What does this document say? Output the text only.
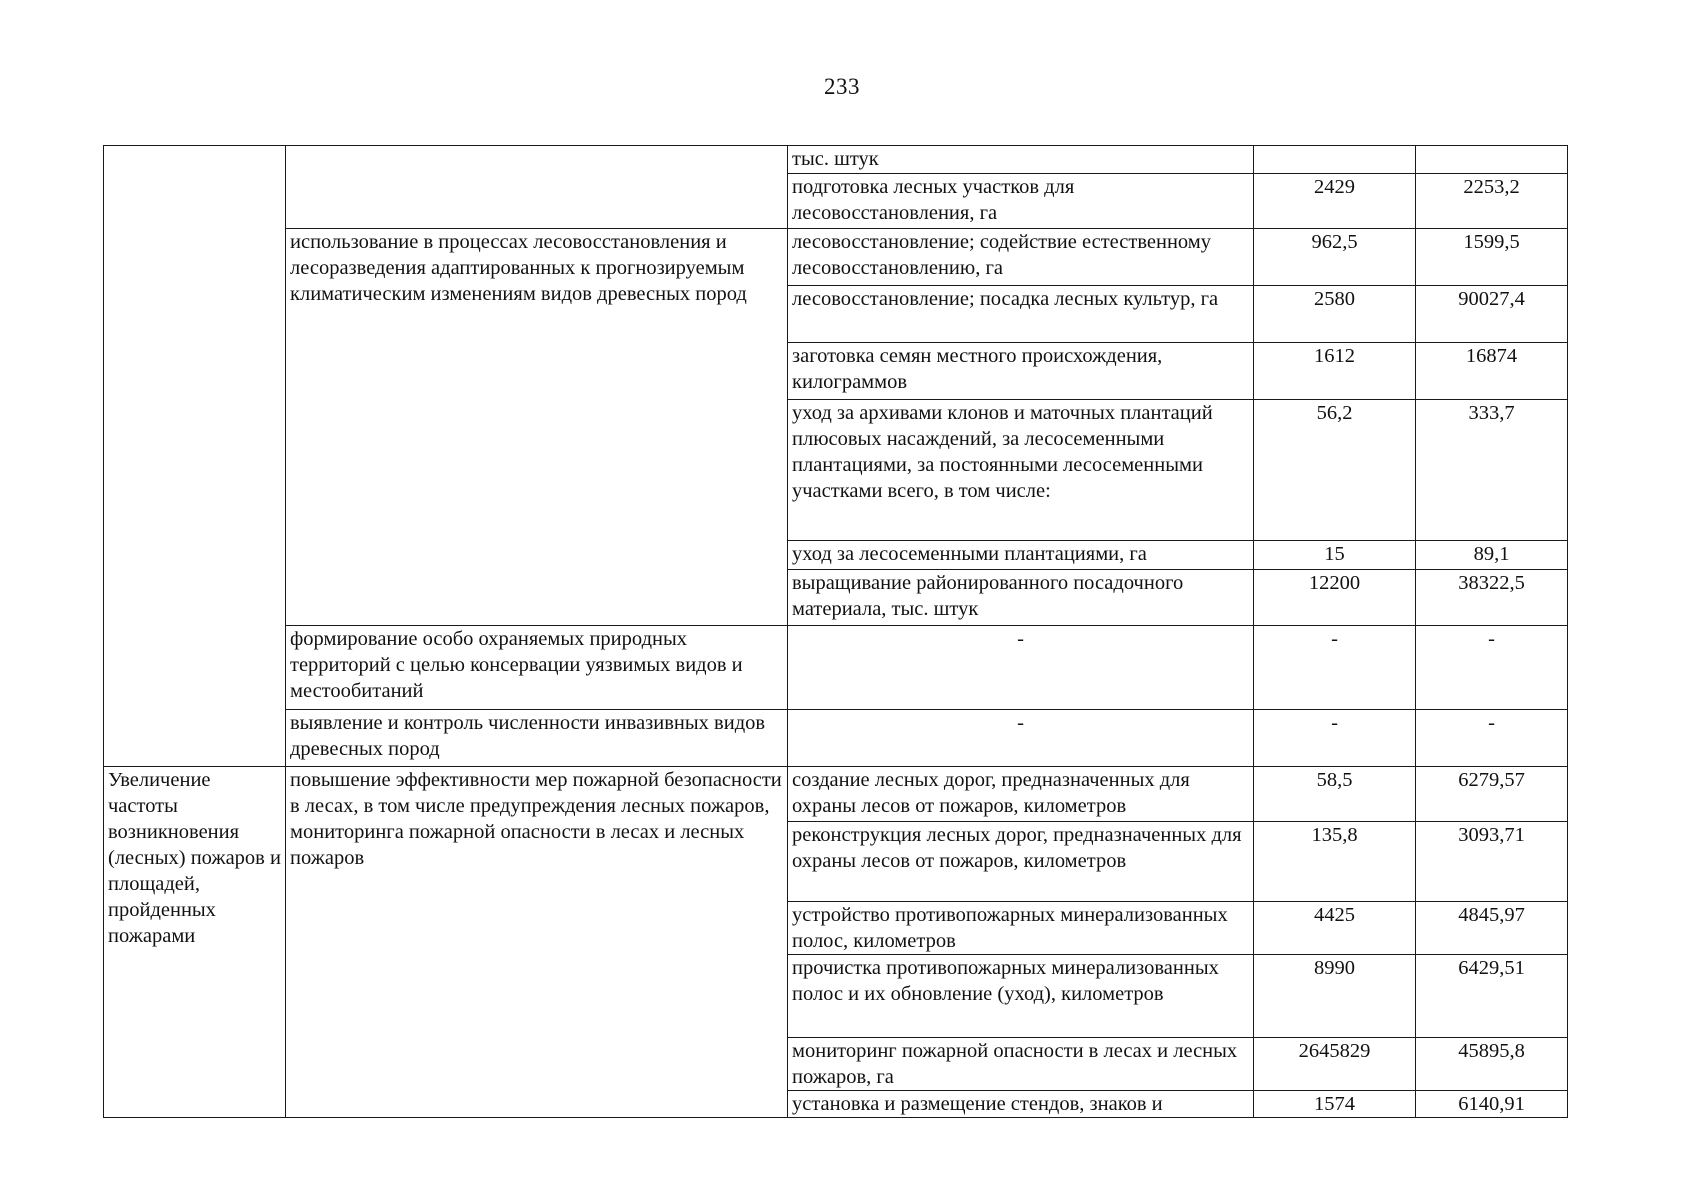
233
		тыс. штук		
		подготовка лесных участков для лесовосстановления, га	2429	2253,2
	использование в процессах лесовосстановления и лесоразведения адаптированных к прогнозируемым климатическим изменениям видов древесных пород	лесовосстановление; содействие естественному лесовосстановлению, га	962,5	1599,5
		лесовосстановление; посадка лесных культур, га	2580	90027,4
		заготовка семян местного происхождения, килограммов	1612	16874
		уход за архивами клонов и маточных плантаций плюсовых насаждений, за лесосеменными плантациями, за постоянными лесосеменными участками всего, в том числе:	56,2	333,7
		уход за лесосеменными плантациями, га	15	89,1
		выращивание районированного посадочного материала, тыс. штук	12200	38322,5
	формирование особо охраняемых природных территорий с целью консервации уязвимых видов и местообитаний	-	-	-
	выявление и контроль численности инвазивных видов древесных пород	-	-	-
Увеличение частоты возникновения (лесных) пожаров и площадей, пройденных пожарами	повышение эффективности мер пожарной безопасности в лесах, в том числе предупреждения лесных пожаров, мониторинга пожарной опасности в лесах и лесных пожаров	создание лесных дорог, предназначенных для охраны лесов от пожаров, километров	58,5	6279,57
		реконструкция лесных дорог, предназначенных для охраны лесов от пожаров, километров	135,8	3093,71
		устройство противопожарных минерализованных полос, километров	4425	4845,97
		прочистка противопожарных минерализованных полос и их обновление (уход), километров	8990	6429,51
		мониторинг пожарной опасности в лесах и лесных пожаров, га	2645829	45895,8
		установка и размещение стендов, знаков и	1574	6140,91
